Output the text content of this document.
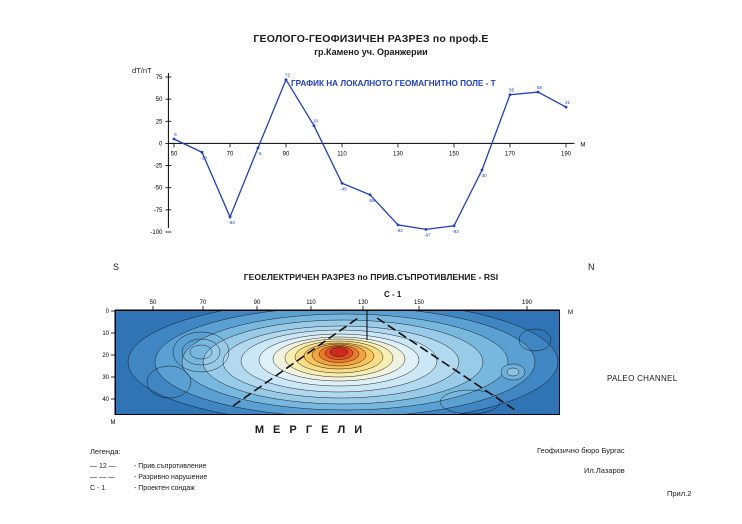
ГЕОЛОГО-ГЕОФИЗИЧЕН РАЗРЕЗ по проф.Е
гр.Камено уч. Оранжерии
dT/nT
ГРАФИК НА ЛОКАЛНОТО ГЕОМАГНИТНО ПОЛЕ - Т
75
50
25
0
-25
-50
-75
-100
50	70	90	110	130	150	170	190
M
5
-10
-83
-5
72
20
-45
-58
-92
-97
-93
-30
55
58
41
S	N
ГЕОЕЛЕКТРИЧЕН РАЗРЕЗ по ПРИВ.СЪПРОТИВЛЕНИЕ - RSI
C - 1
50	70	90	110	130	150	190
M
0
10
20
30
40
M
М Е Р Г Е Л И
PALEO CHANNEL
Легенда:
— 12 —	- Прив.съпротивление
— — —	- Разривно нарушение
C - 1	- Проектен сондаж
Геофизично бюро Бургас
Ил.Лазаров
Прил.2
